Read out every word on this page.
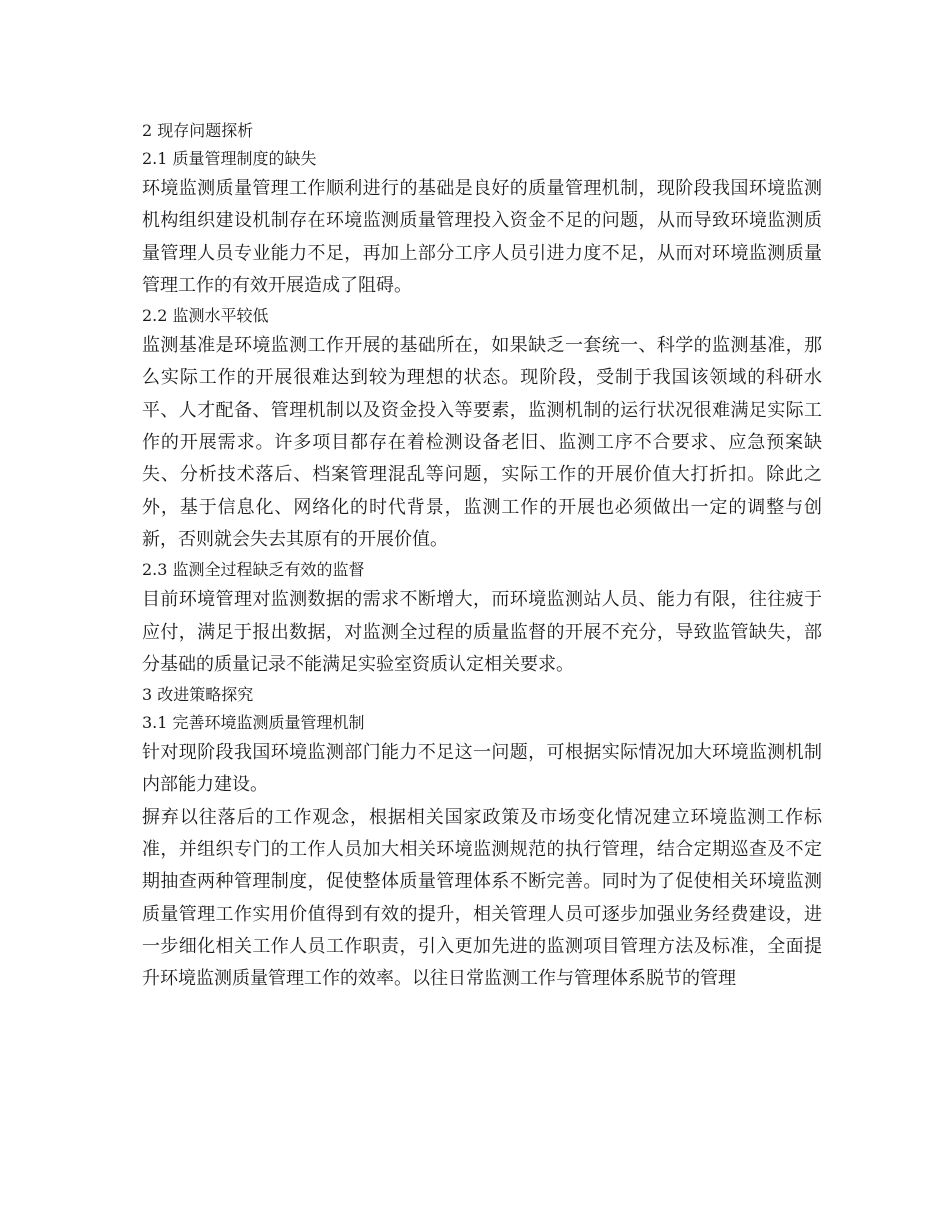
2 现存问题探析

2.1 质量管理制度的缺失

环境监测质量管理工作顺利进行的基础是良好的质量管理机制，现阶段我国环境监测机构组织建设机制存在环境监测质量管理投入资金不足的问题，从而导致环境监测质量管理人员专业能力不足，再加上部分工序人员引进力度不足，从而对环境监测质量管理工作的有效开展造成了阻碍。

2.2 监测水平较低

监测基准是环境监测工作开展的基础所在，如果缺乏一套统一、科学的监测基准，那么实际工作的开展很难达到较为理想的状态。现阶段，受制于我国该领域的科研水平、人才配备、管理机制以及资金投入等要素，监测机制的运行状况很难满足实际工作的开展需求。许多项目都存在着检测设备老旧、监测工序不合要求、应急预案缺失、分析技术落后、档案管理混乱等问题，实际工作的开展价值大打折扣。除此之外，基于信息化、网络化的时代背景，监测工作的开展也必须做出一定的调整与创新，否则就会失去其原有的开展价值。

2.3 监测全过程缺乏有效的监督

目前环境管理对监测数据的需求不断增大，而环境监测站人员、能力有限，往往疲于应付，满足于报出数据，对监测全过程的质量监督的开展不充分，导致监管缺失，部分基础的质量记录不能满足实验室资质认定相关要求。

3 改进策略探究

3.1 完善环境监测质量管理机制

针对现阶段我国环境监测部门能力不足这一问题，可根据实际情况加大环境监测机制内部能力建设。

摒弃以往落后的工作观念，根据相关国家政策及市场变化情况建立环境监测工作标准，并组织专门的工作人员加大相关环境监测规范的执行管理，结合定期巡查及不定期抽查两种管理制度，促使整体质量管理体系不断完善。同时为了促使相关环境监测质量管理工作实用价值得到有效的提升，相关管理人员可逐步加强业务经费建设，进一步细化相关工作人员工作职责，引入更加先进的监测项目管理方法及标准，全面提升环境监测质量管理工作的效率。以往日常监测工作与管理体系脱节的管理
